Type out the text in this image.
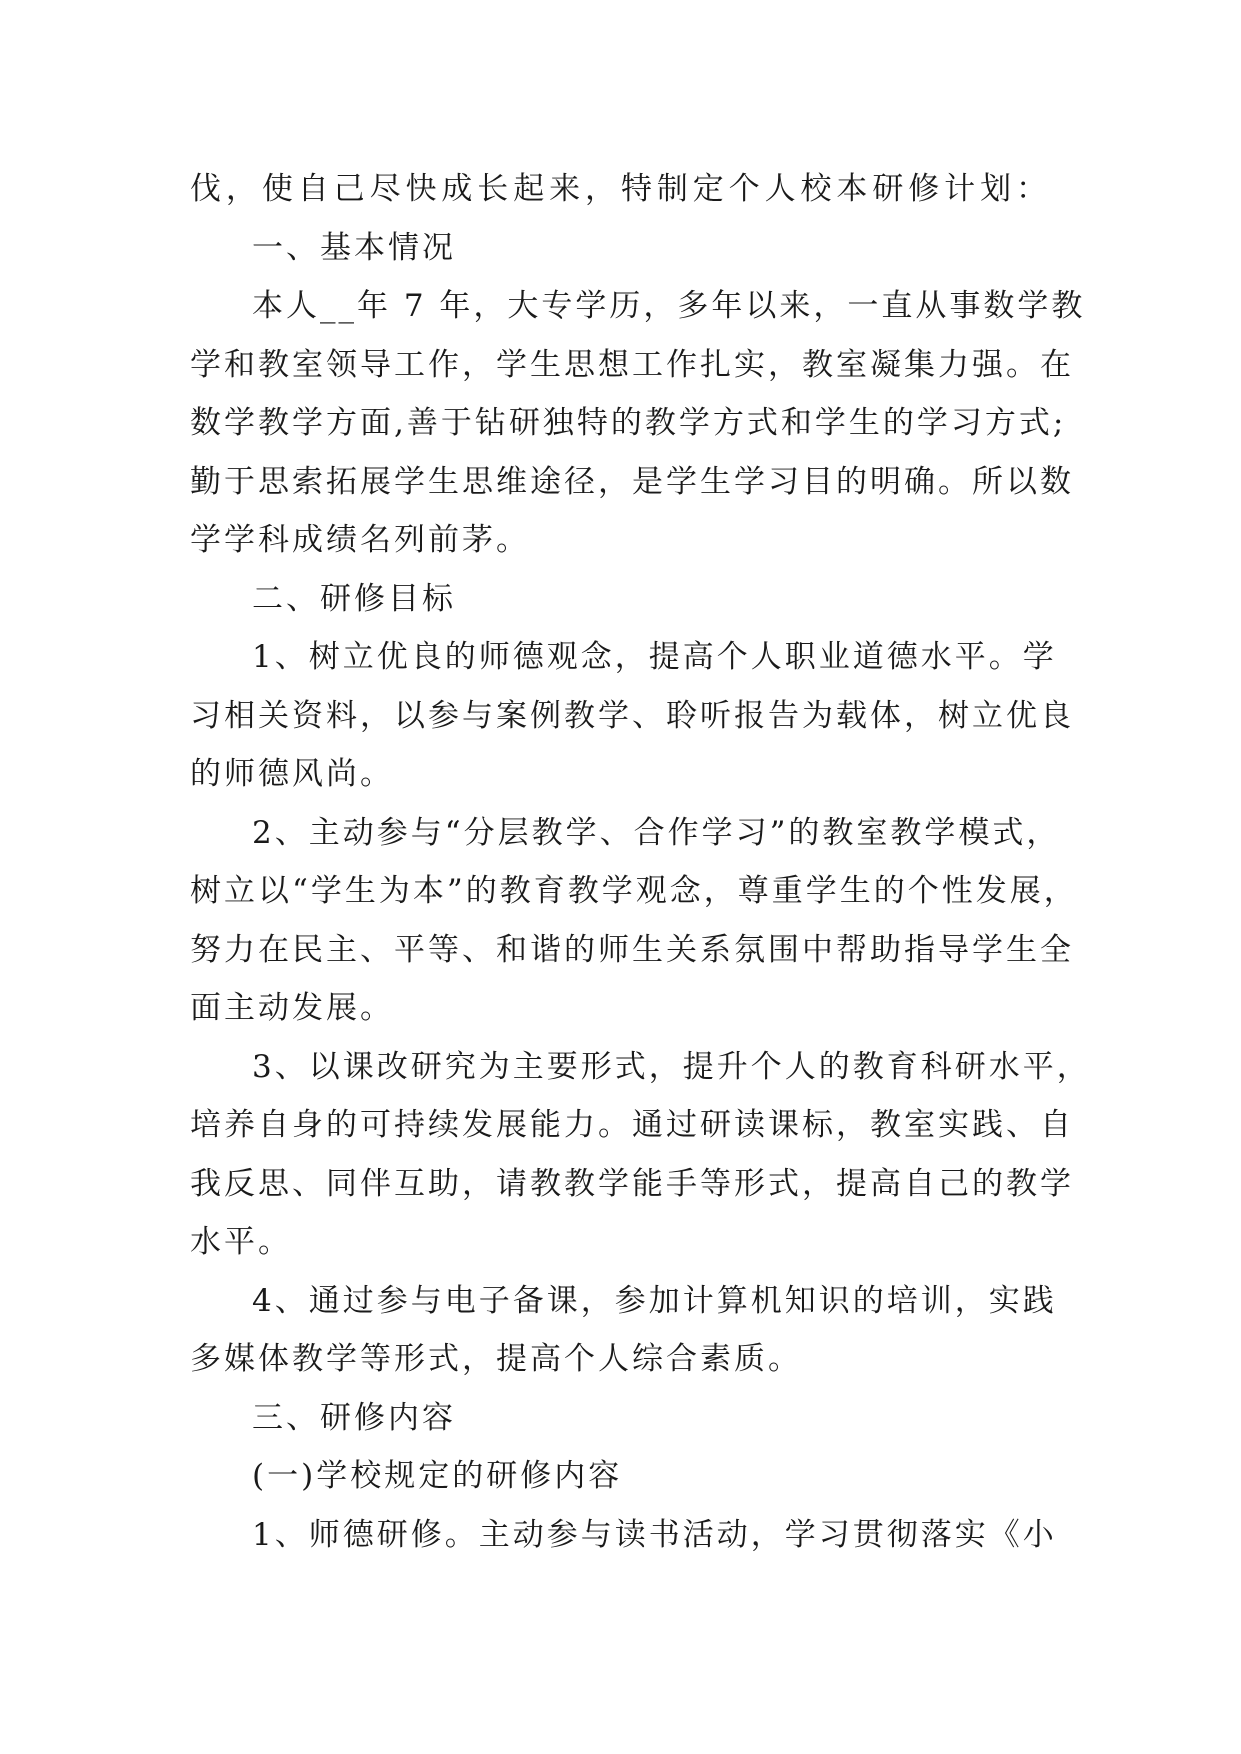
伐，使自己尽快成长起来，特制定个人校本研修计划：
一、基本情况
本人__年 7 年，大专学历，多年以来，一直从事数学教
学和教室领导工作，学生思想工作扎实，教室凝集力强。在
数学教学方面,善于钻研独特的教学方式和学生的学习方式;
勤于思索拓展学生思维途径，是学生学习目的明确。所以数
学学科成绩名列前茅。
二、研修目标
1、树立优良的师德观念，提高个人职业道德水平。学
习相关资料，以参与案例教学、聆听报告为载体，树立优良
的师德风尚。
2、主动参与“分层教学、合作学习”的教室教学模式，
树立以“学生为本”的教育教学观念，尊重学生的个性发展，
努力在民主、平等、和谐的师生关系氛围中帮助指导学生全
面主动发展。
3、以课改研究为主要形式，提升个人的教育科研水平，
培养自身的可持续发展能力。通过研读课标，教室实践、自
我反思、同伴互助，请教教学能手等形式，提高自己的教学
水平。
4、通过参与电子备课，参加计算机知识的培训，实践
多媒体教学等形式，提高个人综合素质。
三、研修内容
(一)学校规定的研修内容
1、师德研修。主动参与读书活动，学习贯彻落实《小
